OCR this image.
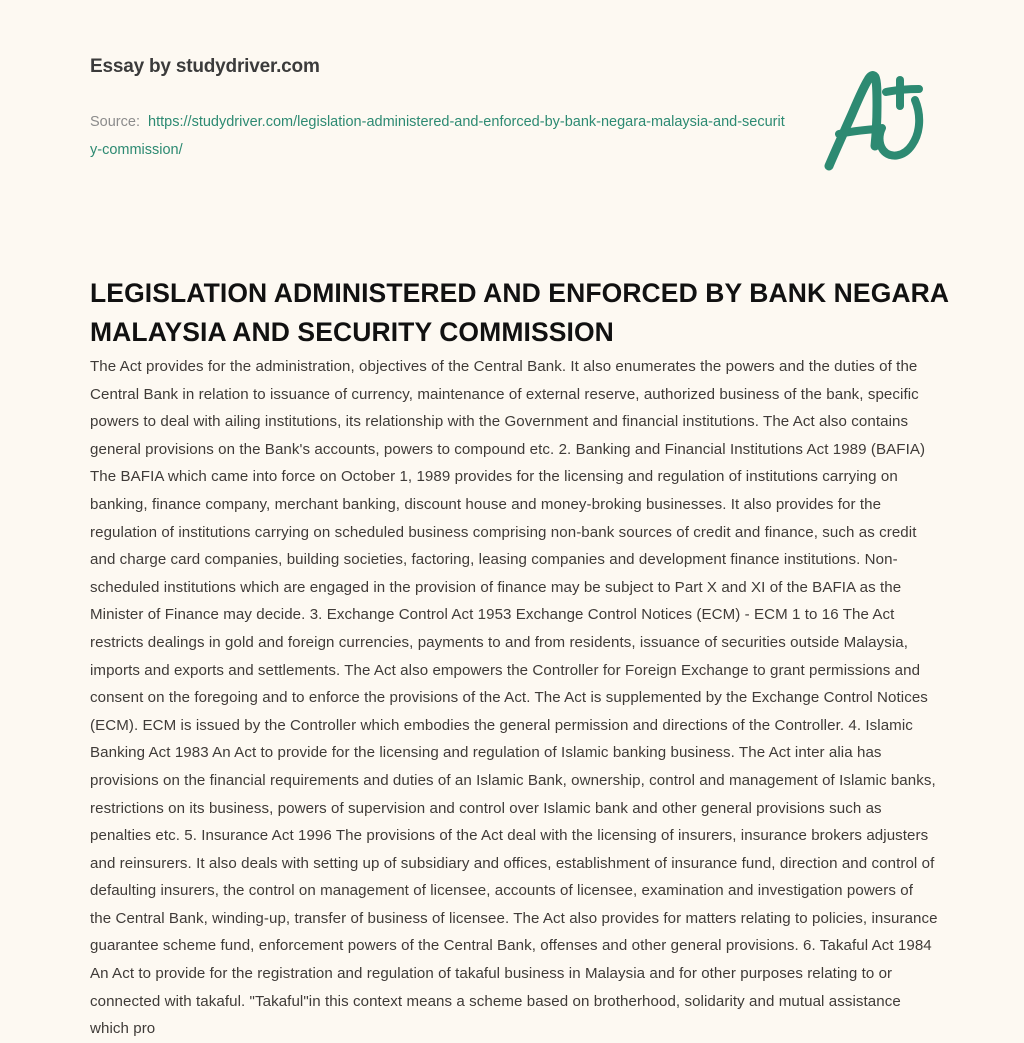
Essay by studydriver.com
Source: https://studydriver.com/legislation-administered-and-enforced-by-bank-negara-malaysia-and-security-commission/
LEGISLATION ADMINISTERED AND ENFORCED BY BANK NEGARA MALAYSIA AND SECURITY COMMISSION
The Act provides for the administration, objectives of the Central Bank. It also enumerates the powers and the duties of the Central Bank in relation to issuance of currency, maintenance of external reserve, authorized business of the bank, specific powers to deal with ailing institutions, its relationship with the Government and financial institutions. The Act also contains general provisions on the Bank's accounts, powers to compound etc. 2. Banking and Financial Institutions Act 1989 (BAFIA) The BAFIA which came into force on October 1, 1989 provides for the licensing and regulation of institutions carrying on banking, finance company, merchant banking, discount house and money-broking businesses. It also provides for the regulation of institutions carrying on scheduled business comprising non-bank sources of credit and finance, such as credit and charge card companies, building societies, factoring, leasing companies and development finance institutions. Non-scheduled institutions which are engaged in the provision of finance may be subject to Part X and XI of the BAFIA as the Minister of Finance may decide. 3. Exchange Control Act 1953 Exchange Control Notices (ECM) - ECM 1 to 16 The Act restricts dealings in gold and foreign currencies, payments to and from residents, issuance of securities outside Malaysia, imports and exports and settlements. The Act also empowers the Controller for Foreign Exchange to grant permissions and consent on the foregoing and to enforce the provisions of the Act. The Act is supplemented by the Exchange Control Notices (ECM). ECM is issued by the Controller which embodies the general permission and directions of the Controller. 4. Islamic Banking Act 1983 An Act to provide for the licensing and regulation of Islamic banking business. The Act inter alia has provisions on the financial requirements and duties of an Islamic Bank, ownership, control and management of Islamic banks, restrictions on its business, powers of supervision and control over Islamic bank and other general provisions such as penalties etc. 5. Insurance Act 1996 The provisions of the Act deal with the licensing of insurers, insurance brokers adjusters and reinsurers. It also deals with setting up of subsidiary and offices, establishment of insurance fund, direction and control of defaulting insurers, the control on management of licensee, accounts of licensee, examination and investigation powers of the Central Bank, winding-up, transfer of business of licensee. The Act also provides for matters relating to policies, insurance guarantee scheme fund, enforcement powers of the Central Bank, offenses and other general provisions. 6. Takaful Act 1984 An Act to provide for the registration and regulation of takaful business in Malaysia and for other purposes relating to or connected with takaful. "Takaful"in this context means a scheme based on brotherhood, solidarity and mutual assistance which pro
